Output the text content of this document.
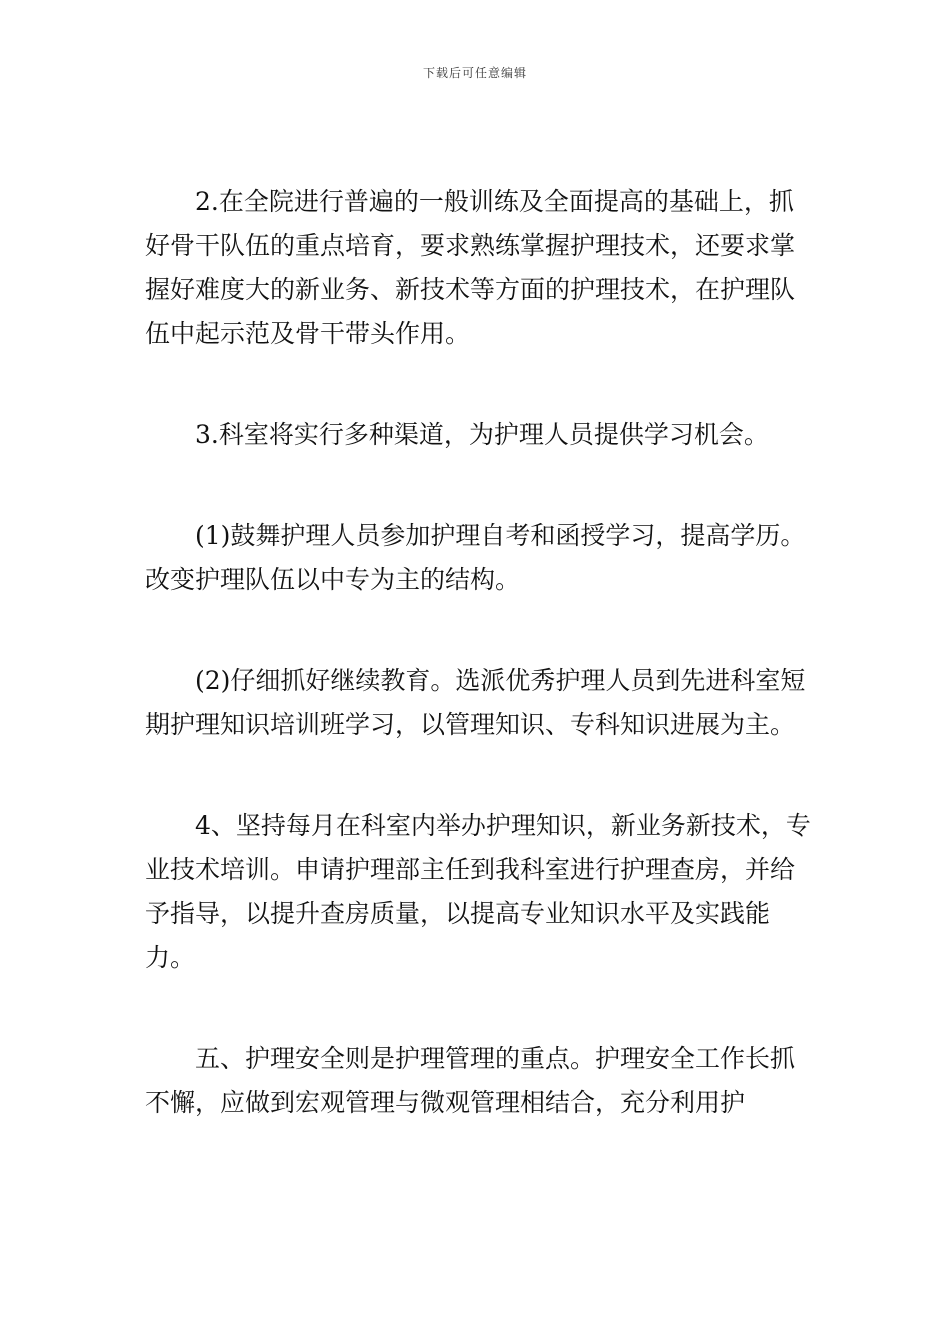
下载后可任意编辑

2.在全院进行普遍的一般训练及全面提高的基础上，抓好骨干队伍的重点培育，要求熟练掌握护理技术，还要求掌握好难度大的新业务、新技术等方面的护理技术，在护理队伍中起示范及骨干带头作用。

3.科室将实行多种渠道，为护理人员提供学习机会。

(1)鼓舞护理人员参加护理自考和函授学习，提高学历。改变护理队伍以中专为主的结构。

(2)仔细抓好继续教育。选派优秀护理人员到先进科室短期护理知识培训班学习，以管理知识、专科知识进展为主。

4、坚持每月在科室内举办护理知识，新业务新技术，专业技术培训。申请护理部主任到我科室进行护理查房，并给予指导，以提升查房质量，以提高专业知识水平及实践能力。

五、护理安全则是护理管理的重点。护理安全工作长抓不懈，应做到宏观管理与微观管理相结合，充分利用护
